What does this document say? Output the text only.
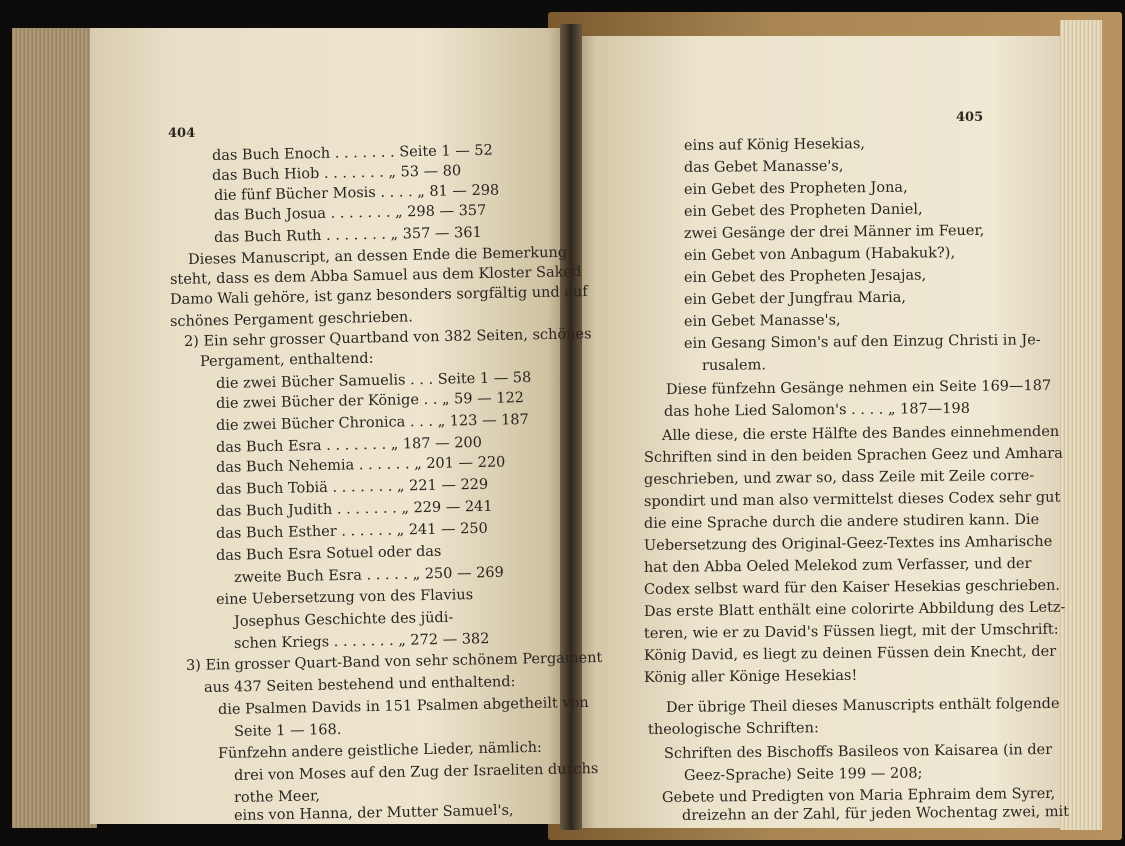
404
405
das Buch Enoch . . . . . . . Seite 1 — 52
das Buch Hiob . . . . . . . „ 53 — 80
die fünf Bücher Mosis . . . . „ 81 — 298
das Buch Josua . . . . . . . „ 298 — 357
das Buch Ruth . . . . . . . „ 357 — 361
Dieses Manuscript, an dessen Ende die Bemerkung
steht, dass es dem Abba Samuel aus dem Kloster Saked
Damo Wali gehöre, ist ganz besonders sorgfältig und auf
schönes Pergament geschrieben.
2) Ein sehr grosser Quartband von 382 Seiten, schönes
Pergament, enthaltend:
die zwei Bücher Samuelis . . . Seite 1 — 58
die zwei Bücher der Könige . . „ 59 — 122
die zwei Bücher Chronica . . . „ 123 — 187
das Buch Esra . . . . . . . „ 187 — 200
das Buch Nehemia . . . . . . „ 201 — 220
das Buch Tobiä . . . . . . . „ 221 — 229
das Buch Judith . . . . . . . „ 229 — 241
das Buch Esther . . . . . . „ 241 — 250
das Buch Esra Sotuel oder das
zweite Buch Esra . . . . . „ 250 — 269
eine Uebersetzung von des Flavius
Josephus Geschichte des jüdi-
schen Kriegs . . . . . . . „ 272 — 382
3) Ein grosser Quart-Band von sehr schönem Pergament
aus 437 Seiten bestehend und enthaltend:
die Psalmen Davids in 151 Psalmen abgetheilt von
Seite 1 — 168.
Fünfzehn andere geistliche Lieder, nämlich:
drei von Moses auf den Zug der Israeliten durchs
rothe Meer,
eins von Hanna, der Mutter Samuel's,
eins auf König Hesekias,
das Gebet Manasse's,
ein Gebet des Propheten Jona,
ein Gebet des Propheten Daniel,
zwei Gesänge der drei Männer im Feuer,
ein Gebet von Anbagum (Habakuk?),
ein Gebet des Propheten Jesajas,
ein Gebet der Jungfrau Maria,
ein Gebet Manasse's,
ein Gesang Simon's auf den Einzug Christi in Je-
rusalem.
Diese fünfzehn Gesänge nehmen ein Seite 169—187
das hohe Lied Salomon's . . . . „ 187—198
Alle diese, die erste Hälfte des Bandes einnehmenden
Schriften sind in den beiden Sprachen Geez und Amhara
geschrieben, und zwar so, dass Zeile mit Zeile corre-
spondirt und man also vermittelst dieses Codex sehr gut
die eine Sprache durch die andere studiren kann. Die
Uebersetzung des Original-Geez-Textes ins Amharische
hat den Abba Oeled Melekod zum Verfasser, und der
Codex selbst ward für den Kaiser Hesekias geschrieben.
Das erste Blatt enthält eine colorirte Abbildung des Letz-
teren, wie er zu David's Füssen liegt, mit der Umschrift:
König David, es liegt zu deinen Füssen dein Knecht, der
König aller Könige Hesekias!
Der übrige Theil dieses Manuscripts enthält folgende
theologische Schriften:
Schriften des Bischoffs Basileos von Kaisarea (in der
Geez-Sprache) Seite 199 — 208;
Gebete und Predigten von Maria Ephraim dem Syrer,
dreizehn an der Zahl, für jeden Wochentag zwei, mit
